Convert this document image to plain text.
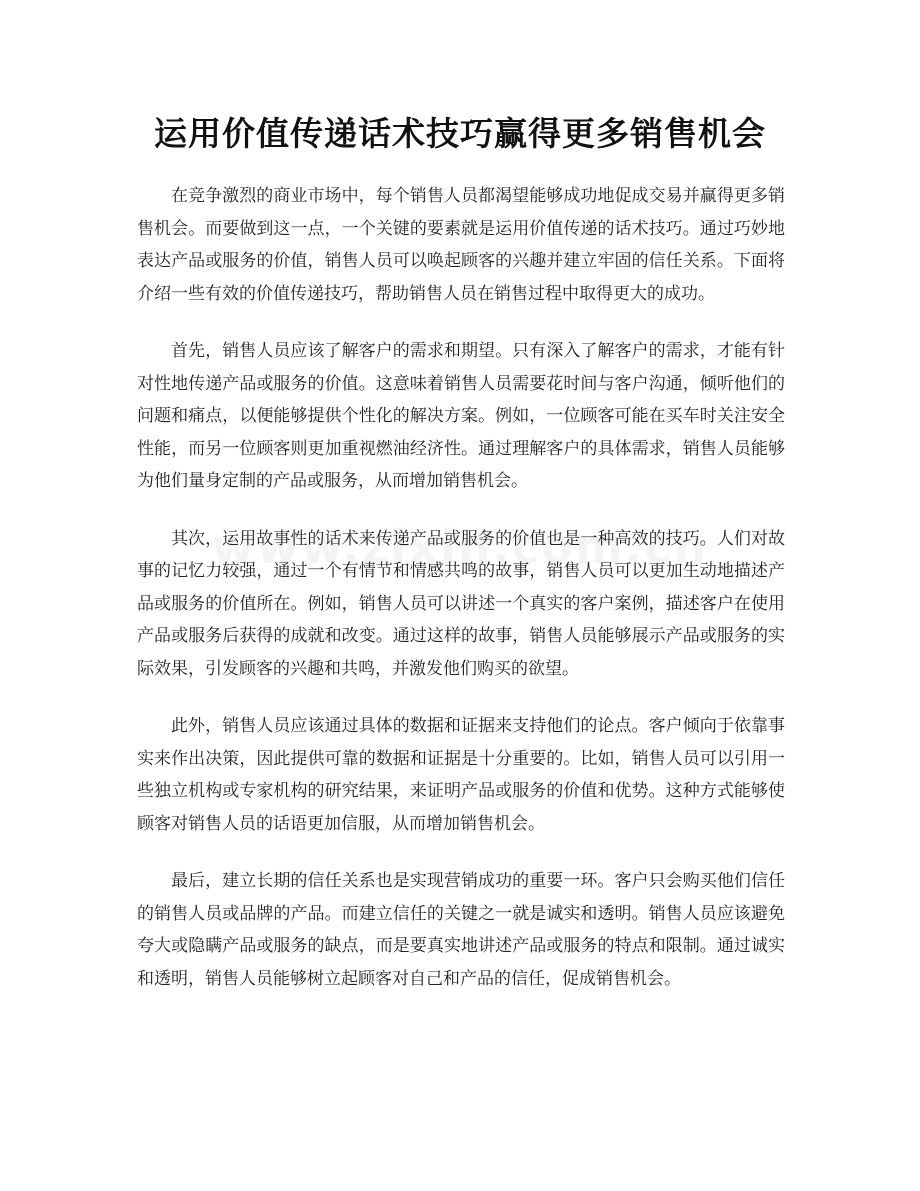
运用价值传递话术技巧赢得更多销售机会

在竞争激烈的商业市场中，每个销售人员都渴望能够成功地促成交易并赢得更多销售机会。而要做到这一点，一个关键的要素就是运用价值传递的话术技巧。通过巧妙地表达产品或服务的价值，销售人员可以唤起顾客的兴趣并建立牢固的信任关系。下面将介绍一些有效的价值传递技巧，帮助销售人员在销售过程中取得更大的成功。

首先，销售人员应该了解客户的需求和期望。只有深入了解客户的需求，才能有针对性地传递产品或服务的价值。这意味着销售人员需要花时间与客户沟通，倾听他们的问题和痛点，以便能够提供个性化的解决方案。例如，一位顾客可能在买车时关注安全性能，而另一位顾客则更加重视燃油经济性。通过理解客户的具体需求，销售人员能够为他们量身定制的产品或服务，从而增加销售机会。

其次，运用故事性的话术来传递产品或服务的价值也是一种高效的技巧。人们对故事的记忆力较强，通过一个有情节和情感共鸣的故事，销售人员可以更加生动地描述产品或服务的价值所在。例如，销售人员可以讲述一个真实的客户案例，描述客户在使用产品或服务后获得的成就和改变。通过这样的故事，销售人员能够展示产品或服务的实际效果，引发顾客的兴趣和共鸣，并激发他们购买的欲望。

此外，销售人员应该通过具体的数据和证据来支持他们的论点。客户倾向于依靠事实来作出决策，因此提供可靠的数据和证据是十分重要的。比如，销售人员可以引用一些独立机构或专家机构的研究结果，来证明产品或服务的价值和优势。这种方式能够使顾客对销售人员的话语更加信服，从而增加销售机会。

最后，建立长期的信任关系也是实现营销成功的重要一环。客户只会购买他们信任的销售人员或品牌的产品。而建立信任的关键之一就是诚实和透明。销售人员应该避免夸大或隐瞒产品或服务的缺点，而是要真实地讲述产品或服务的特点和限制。通过诚实和透明，销售人员能够树立起顾客对自己和产品的信任，促成销售机会。
